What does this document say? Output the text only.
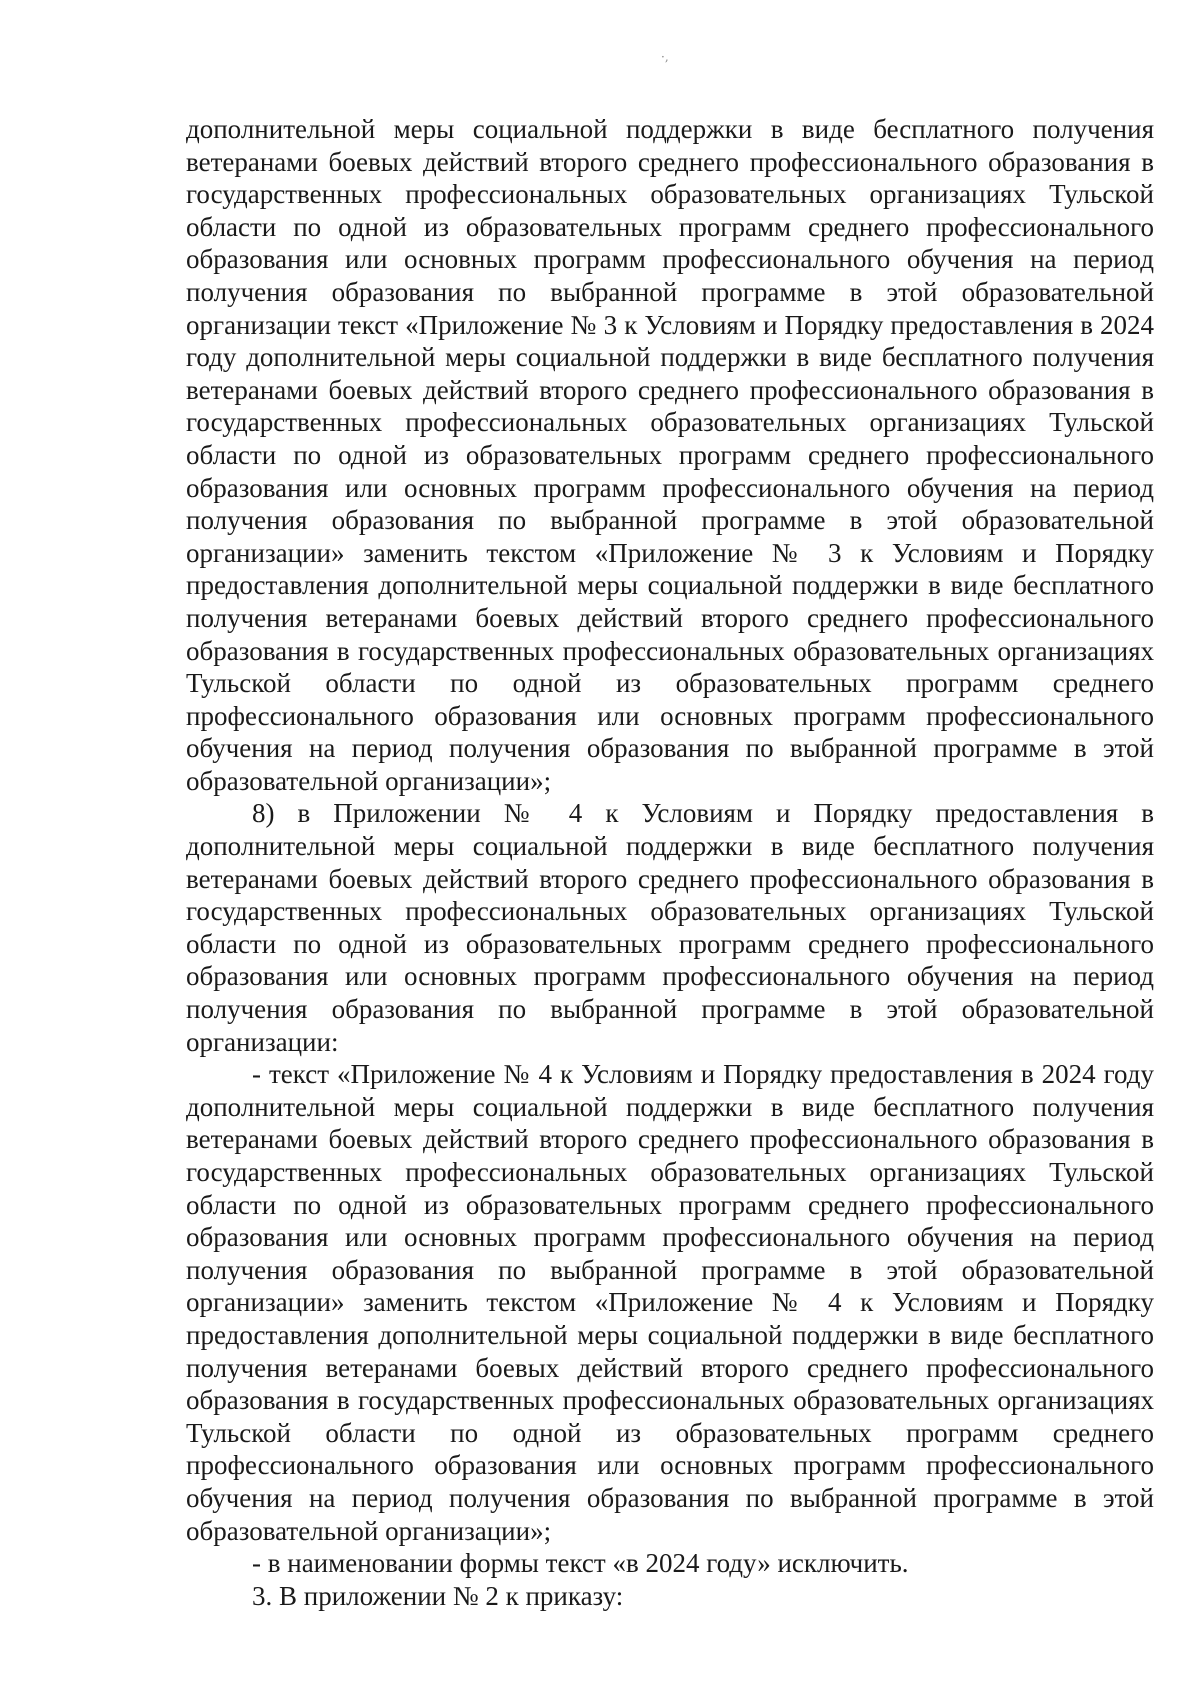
·,

дополнительной меры социальной поддержки в виде бесплатного получения ветеранами боевых действий второго среднего профессионального образования в государственных профессиональных образовательных организациях Тульской области по одной из образовательных программ среднего профессионального образования или основных программ профессионального обучения на период получения образования по выбранной программе в этой образовательной организации текст «Приложение № 3 к Условиям и Порядку предоставления в 2024 году дополнительной меры социальной поддержки в виде бесплатного получения ветеранами боевых действий второго среднего профессионального образования в государственных профессиональных образовательных организациях Тульской области по одной из образовательных программ среднего профессионального образования или основных программ профессионального обучения на период получения образования по выбранной программе в этой образовательной организации» заменить текстом «Приложение № 3 к Условиям и Порядку предоставления дополнительной меры социальной поддержки в виде бесплатного получения ветеранами боевых действий второго среднего профессионального образования в государственных профессиональных образовательных организациях Тульской области по одной из образовательных программ среднего профессионального образования или основных программ профессионального обучения на период получения образования по выбранной программе в этой образовательной организации»;

8) в Приложении № 4 к Условиям и Порядку предоставления в дополнительной меры социальной поддержки в виде бесплатного получения ветеранами боевых действий второго среднего профессионального образования в государственных профессиональных образовательных организациях Тульской области по одной из образовательных программ среднего профессионального образования или основных программ профессионального обучения на период получения образования по выбранной программе в этой образовательной организации:

- текст «Приложение № 4 к Условиям и Порядку предоставления в 2024 году дополнительной меры социальной поддержки в виде бесплатного получения ветеранами боевых действий второго среднего профессионального образования в государственных профессиональных образовательных организациях Тульской области по одной из образовательных программ среднего профессионального образования или основных программ профессионального обучения на период получения образования по выбранной программе в этой образовательной организации» заменить текстом «Приложение № 4 к Условиям и Порядку предоставления дополнительной меры социальной поддержки в виде бесплатного получения ветеранами боевых действий второго среднего профессионального образования в государственных профессиональных образовательных организациях Тульской области по одной из образовательных программ среднего профессионального образования или основных программ профессионального обучения на период получения образования по выбранной программе в этой образовательной организации»;

- в наименовании формы текст «в 2024 году» исключить.

3. В приложении № 2 к приказу:
